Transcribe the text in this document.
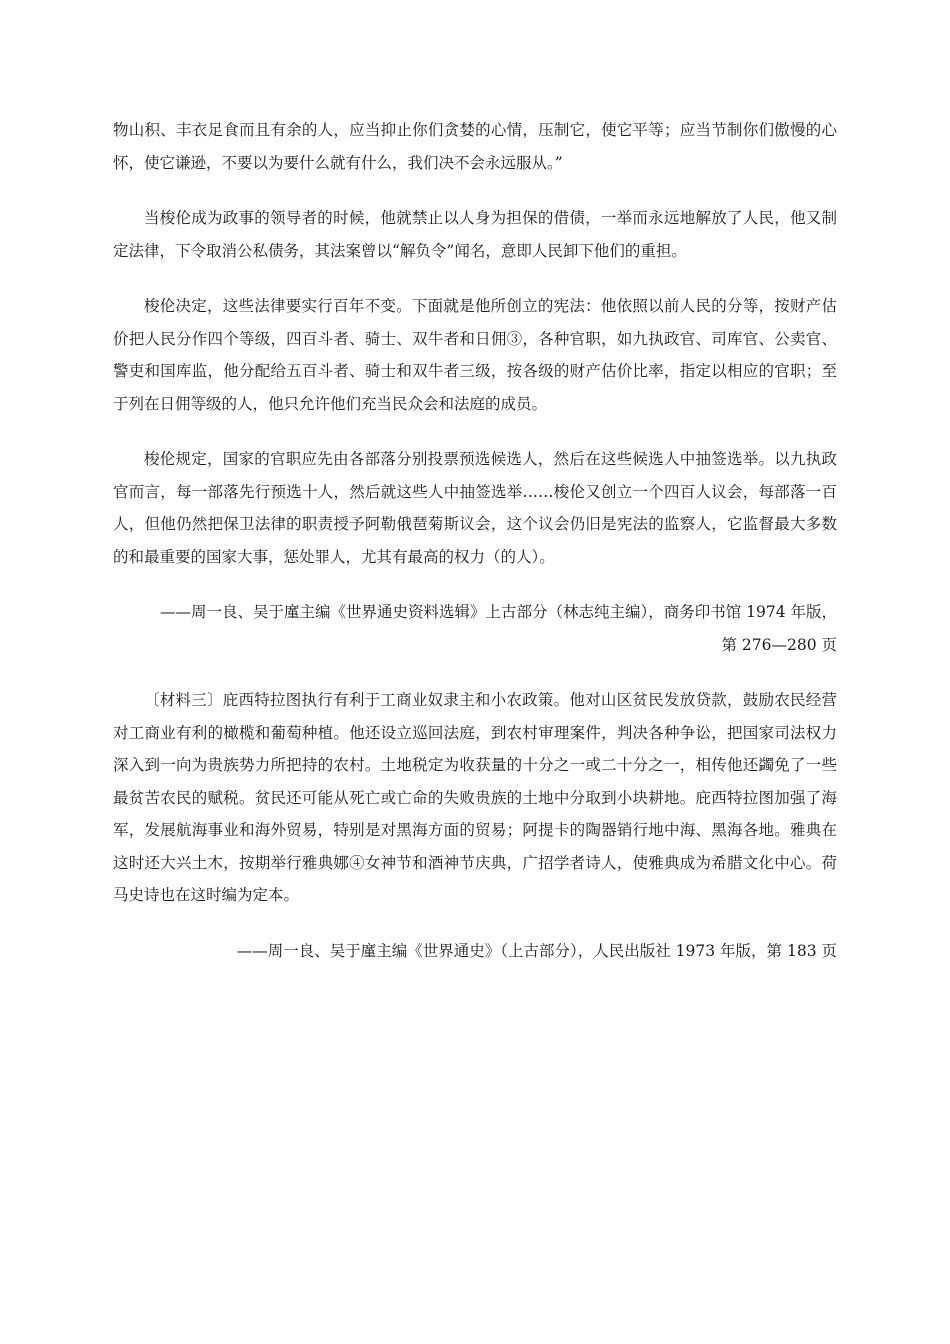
物山积、丰衣足食而且有余的人，应当抑止你们贪婪的心情，压制它，使它平等；应当节制你们傲慢的心怀，使它谦逊，不要以为要什么就有什么，我们决不会永远服从。”

当梭伦成为政事的领导者的时候，他就禁止以人身为担保的借债，一举而永远地解放了人民，他又制定法律，下令取消公私债务，其法案曾以“解负令”闻名，意即人民卸下他们的重担。

梭伦决定，这些法律要实行百年不变。下面就是他所创立的宪法：他依照以前人民的分等，按财产估价把人民分作四个等级，四百斗者、骑士、双牛者和日佣③，各种官职，如九执政官、司库官、公卖官、警吏和国库监，他分配给五百斗者、骑士和双牛者三级，按各级的财产估价比率，指定以相应的官职；至于列在日佣等级的人，他只允许他们充当民众会和法庭的成员。

梭伦规定，国家的官职应先由各部落分别投票预选候选人，然后在这些候选人中抽签选举。以九执政官而言，每一部落先行预选十人，然后就这些人中抽签选举……梭伦又创立一个四百人议会，每部落一百人，但他仍然把保卫法律的职责授予阿勒俄琶菊斯议会，这个议会仍旧是宪法的监察人，它监督最大多数的和最重要的国家大事，惩处罪人，尤其有最高的权力（的人）。

——周一良、吴于廑主编《世界通史资料选辑》上古部分（林志纯主编），商务印书馆 1974 年版，第 276—280 页

〔材料三〕庇西特拉图执行有利于工商业奴隶主和小农政策。他对山区贫民发放贷款，鼓励农民经营对工商业有利的橄榄和葡萄种植。他还设立巡回法庭，到农村审理案件，判决各种争讼，把国家司法权力深入到一向为贵族势力所把持的农村。土地税定为收获量的十分之一或二十分之一，相传他还蠲免了一些最贫苦农民的赋税。贫民还可能从死亡或亡命的失败贵族的土地中分取到小块耕地。庇西特拉图加强了海军，发展航海事业和海外贸易，特别是对黑海方面的贸易；阿提卡的陶器销行地中海、黑海各地。雅典在这时还大兴土木，按期举行雅典娜④女神节和酒神节庆典，广招学者诗人，使雅典成为希腊文化中心。荷马史诗也在这时编为定本。

——周一良、吴于廑主编《世界通史》（上古部分），人民出版社 1973 年版，第 183 页
